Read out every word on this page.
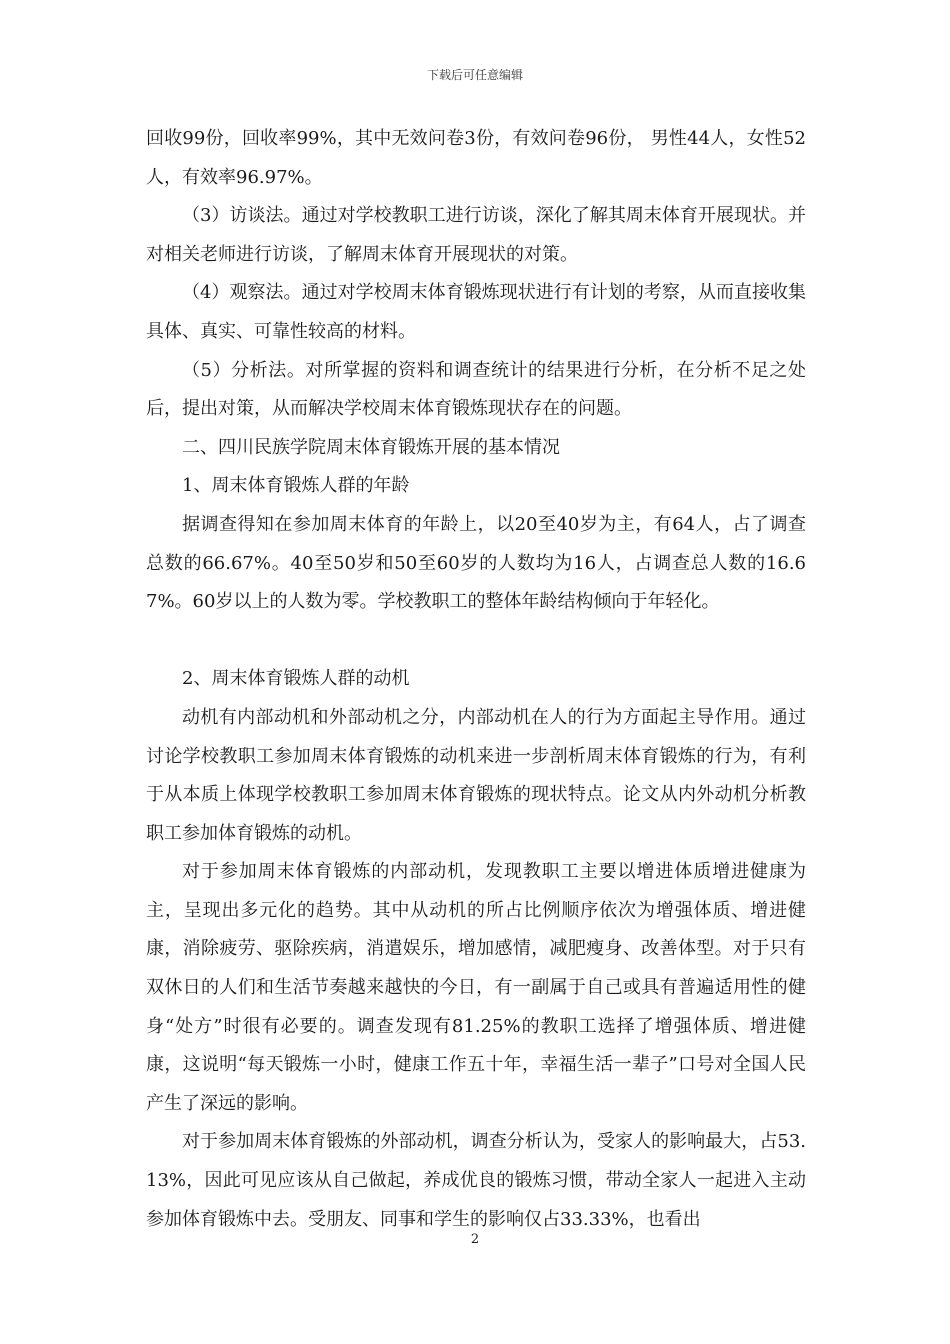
下载后可任意编辑

回收99份，回收率99%，其中无效问卷3份，有效问卷96份， 男性44人，女性52人，有效率96.97%。

（3）访谈法。通过对学校教职工进行访谈，深化了解其周末体育开展现状。并对相关老师进行访谈，了解周末体育开展现状的对策。

（4）观察法。通过对学校周末体育锻炼现状进行有计划的考察，从而直接收集具体、真实、可靠性较高的材料。

（5）分析法。对所掌握的资料和调查统计的结果进行分析，在分析不足之处后，提出对策，从而解决学校周末体育锻炼现状存在的问题。

二、四川民族学院周末体育锻炼开展的基本情况

1、周末体育锻炼人群的年龄

据调查得知在参加周末体育的年龄上，以20至40岁为主，有64人，占了调查总数的66.67%。40至50岁和50至60岁的人数均为16人，占调查总人数的16.67%。60岁以上的人数为零。学校教职工的整体年龄结构倾向于年轻化。

2、周末体育锻炼人群的动机

动机有内部动机和外部动机之分，内部动机在人的行为方面起主导作用。通过讨论学校教职工参加周末体育锻炼的动机来进一步剖析周末体育锻炼的行为，有利于从本质上体现学校教职工参加周末体育锻炼的现状特点。论文从内外动机分析教职工参加体育锻炼的动机。

对于参加周末体育锻炼的内部动机，发现教职工主要以增进体质增进健康为主，呈现出多元化的趋势。其中从动机的所占比例顺序依次为增强体质、增进健康，消除疲劳、驱除疾病，消遣娱乐，增加感情，减肥瘦身、改善体型。对于只有双休日的人们和生活节奏越来越快的今日，有一副属于自己或具有普遍适用性的健身“处方”时很有必要的。调查发现有81.25%的教职工选择了增强体质、增进健康，这说明“每天锻炼一小时，健康工作五十年，幸福生活一辈子”口号对全国人民产生了深远的影响。

对于参加周末体育锻炼的外部动机，调查分析认为，受家人的影响最大，占53.13%，因此可见应该从自己做起，养成优良的锻炼习惯，带动全家人一起进入主动参加体育锻炼中去。受朋友、同事和学生的影响仅占33.33%，也看出

2
